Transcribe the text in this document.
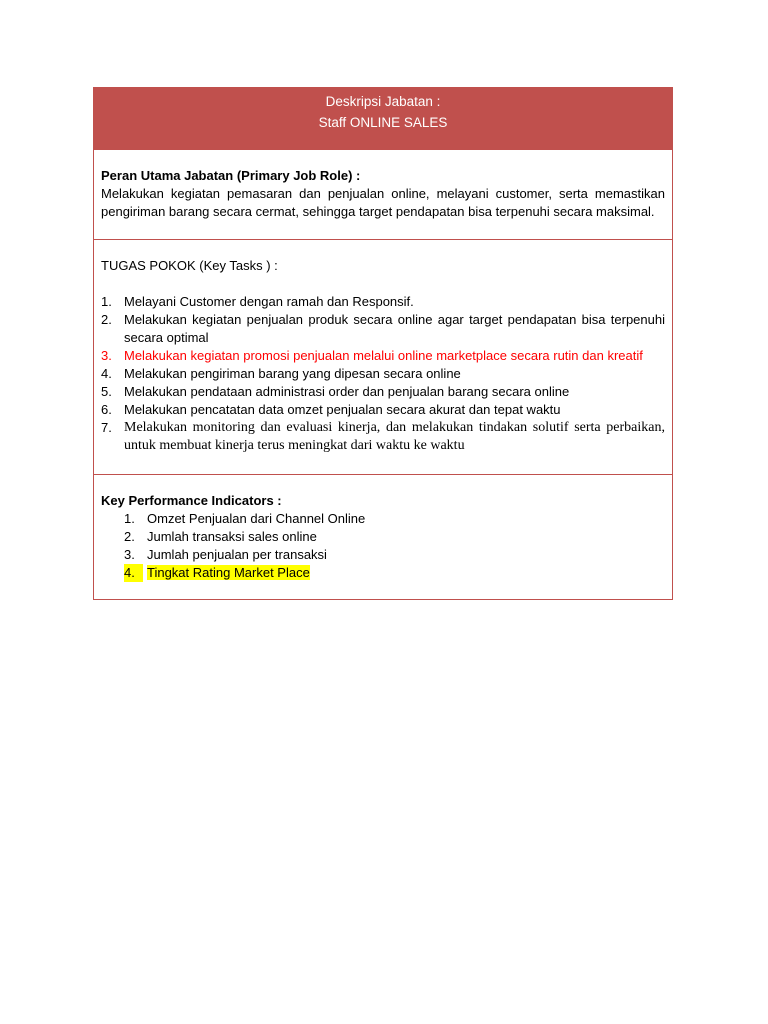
Deskripsi Jabatan :
Staff ONLINE SALES
Peran Utama Jabatan (Primary Job Role) :
Melakukan kegiatan pemasaran dan penjualan online, melayani customer, serta memastikan pengiriman barang secara cermat, sehingga target pendapatan bisa terpenuhi secara maksimal.
TUGAS POKOK (Key Tasks ) :
1. Melayani Customer dengan ramah dan Responsif.
2. Melakukan kegiatan penjualan produk secara online agar target pendapatan bisa terpenuhi secara optimal
3. Melakukan kegiatan promosi penjualan melalui online marketplace secara rutin dan kreatif
4. Melakukan pengiriman barang yang dipesan secara online
5. Melakukan pendataan administrasi order dan penjualan barang secara online
6. Melakukan pencatatan data omzet penjualan secara akurat dan tepat waktu
7. Melakukan monitoring dan evaluasi kinerja, dan melakukan tindakan solutif serta perbaikan, untuk membuat kinerja terus meningkat dari waktu ke waktu
Key Performance Indicators :
1. Omzet Penjualan dari Channel Online
2. Jumlah transaksi sales online
3. Jumlah penjualan per transaksi
4. Tingkat Rating Market Place
